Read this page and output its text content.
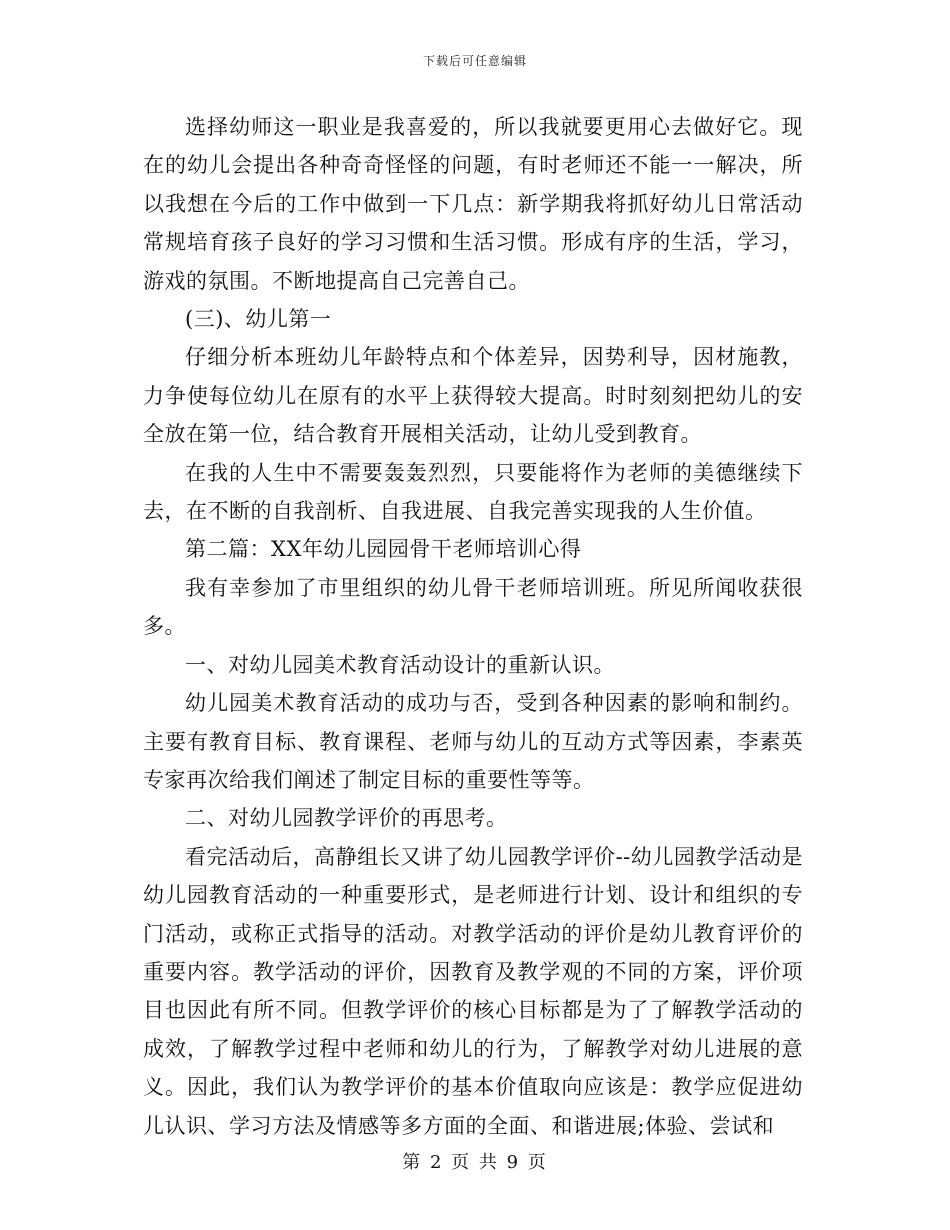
下载后可任意编辑

选择幼师这一职业是我喜爱的，所以我就要更用心去做好它。现在的幼儿会提出各种奇奇怪怪的问题，有时老师还不能一一解决，所以我想在今后的工作中做到一下几点：新学期我将抓好幼儿日常活动常规培育孩子良好的学习习惯和生活习惯。形成有序的生活，学习，游戏的氛围。不断地提高自己完善自己。

(三)、幼儿第一

仔细分析本班幼儿年龄特点和个体差异，因势利导，因材施教，力争使每位幼儿在原有的水平上获得较大提高。时时刻刻把幼儿的安全放在第一位，结合教育开展相关活动，让幼儿受到教育。

在我的人生中不需要轰轰烈烈，只要能将作为老师的美德继续下去，在不断的自我剖析、自我进展、自我完善实现我的人生价值。

第二篇：XX年幼儿园园骨干老师培训心得

我有幸参加了市里组织的幼儿骨干老师培训班。所见所闻收获很多。

一、对幼儿园美术教育活动设计的重新认识。

幼儿园美术教育活动的成功与否，受到各种因素的影响和制约。主要有教育目标、教育课程、老师与幼儿的互动方式等因素，李素英专家再次给我们阐述了制定目标的重要性等等。

二、对幼儿园教学评价的再思考。

看完活动后，高静组长又讲了幼儿园教学评价--幼儿园教学活动是幼儿园教育活动的一种重要形式，是老师进行计划、设计和组织的专门活动，或称正式指导的活动。对教学活动的评价是幼儿教育评价的重要内容。教学活动的评价，因教育及教学观的不同的方案，评价项目也因此有所不同。但教学评价的核心目标都是为了了解教学活动的成效，了解教学过程中老师和幼儿的行为，了解教学对幼儿进展的意义。因此，我们认为教学评价的基本价值取向应该是：教学应促进幼儿认识、学习方法及情感等多方面的全面、和谐进展;体验、尝试和

第 2 页 共 9 页
